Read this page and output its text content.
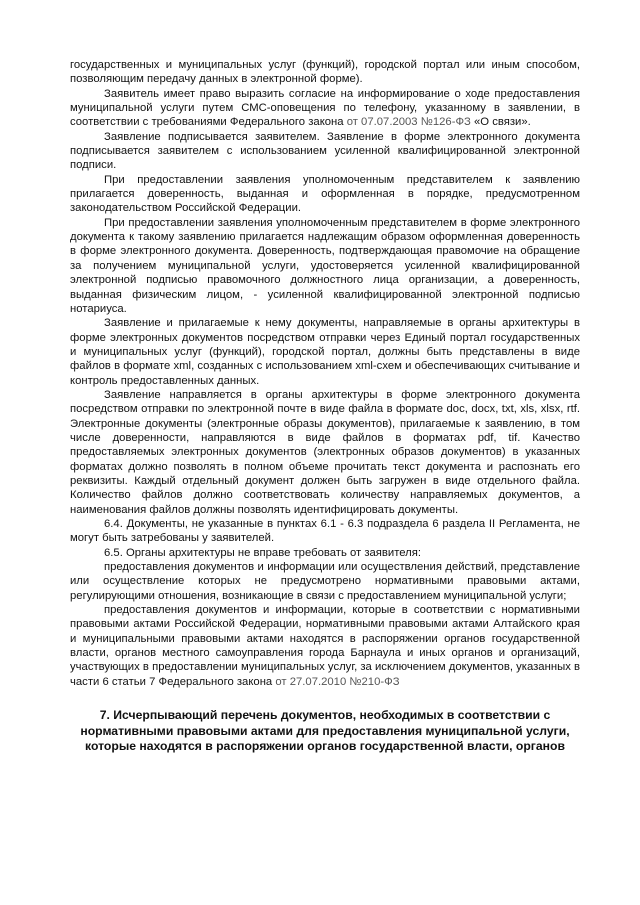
государственных и муниципальных услуг (функций), городской портал или иным способом, позволяющим передачу данных в электронной форме).

Заявитель имеет право выразить согласие на информирование о ходе предоставления муниципальной услуги путем СМС-оповещения по телефону, указанному в заявлении, в соответствии с требованиями Федерального закона от 07.07.2003 №126-ФЗ «О связи».

Заявление подписывается заявителем. Заявление в форме электронного документа подписывается заявителем с использованием усиленной квалифицированной электронной подписи.

При предоставлении заявления уполномоченным представителем к заявлению прилагается доверенность, выданная и оформленная в порядке, предусмотренном законодательством Российской Федерации.

При предоставлении заявления уполномоченным представителем в форме электронного документа к такому заявлению прилагается надлежащим образом оформленная доверенность в форме электронного документа. Доверенность, подтверждающая правомочие на обращение за получением муниципальной услуги, удостоверяется усиленной квалифицированной электронной подписью правомочного должностного лица организации, а доверенность, выданная физическим лицом, - усиленной квалифицированной электронной подписью нотариуса.

Заявление и прилагаемые к нему документы, направляемые в органы архитектуры в форме электронных документов посредством отправки через Единый портал государственных и муниципальных услуг (функций), городской портал, должны быть представлены в виде файлов в формате xml, созданных с использованием xml-схем и обеспечивающих считывание и контроль предоставленных данных.

Заявление направляется в органы архитектуры в форме электронного документа посредством отправки по электронной почте в виде файла в формате doc, docx, txt, xls, xlsx, rtf. Электронные документы (электронные образы документов), прилагаемые к заявлению, в том числе доверенности, направляются в виде файлов в форматах pdf, tif. Качество предоставляемых электронных документов (электронных образов документов) в указанных форматах должно позволять в полном объеме прочитать текст документа и распознать его реквизиты. Каждый отдельный документ должен быть загружен в виде отдельного файла. Количество файлов должно соответствовать количеству направляемых документов, а наименования файлов должны позволять идентифицировать документы.

6.4. Документы, не указанные в пунктах 6.1 - 6.3 подраздела 6 раздела ІІ Регламента, не могут быть затребованы у заявителей.

6.5. Органы архитектуры не вправе требовать от заявителя:

предоставления документов и информации или осуществления действий, представление или осуществление которых не предусмотрено нормативными правовыми актами, регулирующими отношения, возникающие в связи с предоставлением муниципальной услуги;

предоставления документов и информации, которые в соответствии с нормативными правовыми актами Российской Федерации, нормативными правовыми актами Алтайского края и муниципальными правовыми актами находятся в распоряжении органов государственной власти, органов местного самоуправления города Барнаула и иных органов и организаций, участвующих в предоставлении муниципальных услуг, за исключением документов, указанных в части 6 статьи 7 Федерального закона от 27.07.2010 №210-ФЗ

7. Исчерпывающий перечень документов, необходимых в соответствии с нормативными правовыми актами для предоставления муниципальной услуги, которые находятся в распоряжении органов государственной власти, органов
